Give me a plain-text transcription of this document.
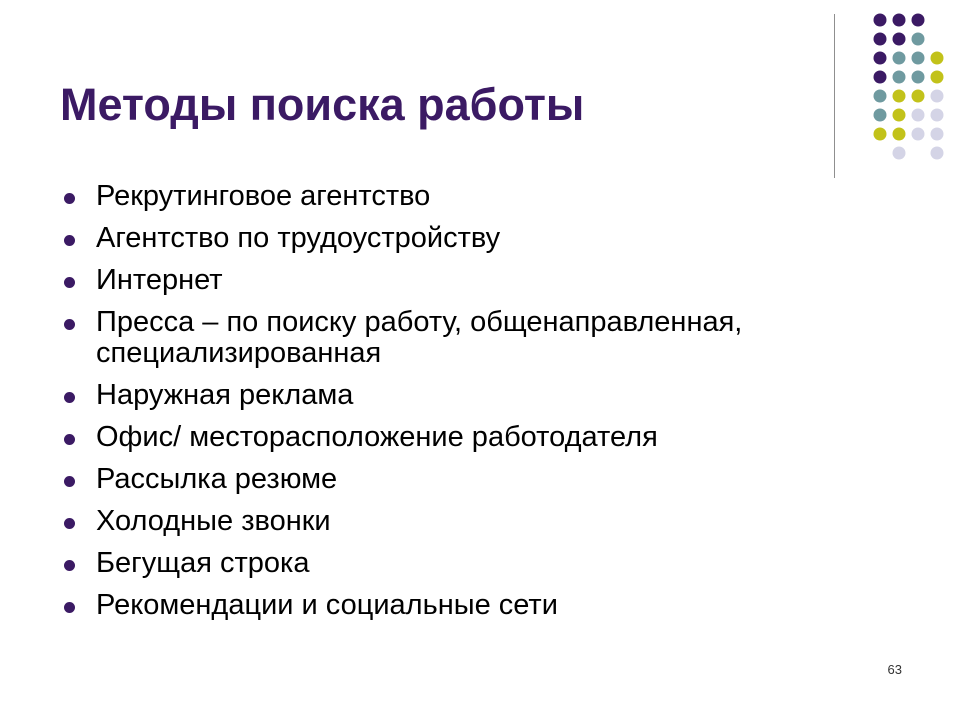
Методы поиска работы
Рекрутинговое агентство
Агентство по трудоустройству
Интернет
Пресса – по поиску работу, общенаправленная, специализированная
Наружная реклама
Офис/ месторасположение работодателя
Рассылка резюме
Холодные звонки
Бегущая строка
Рекомендации и социальные сети
63
